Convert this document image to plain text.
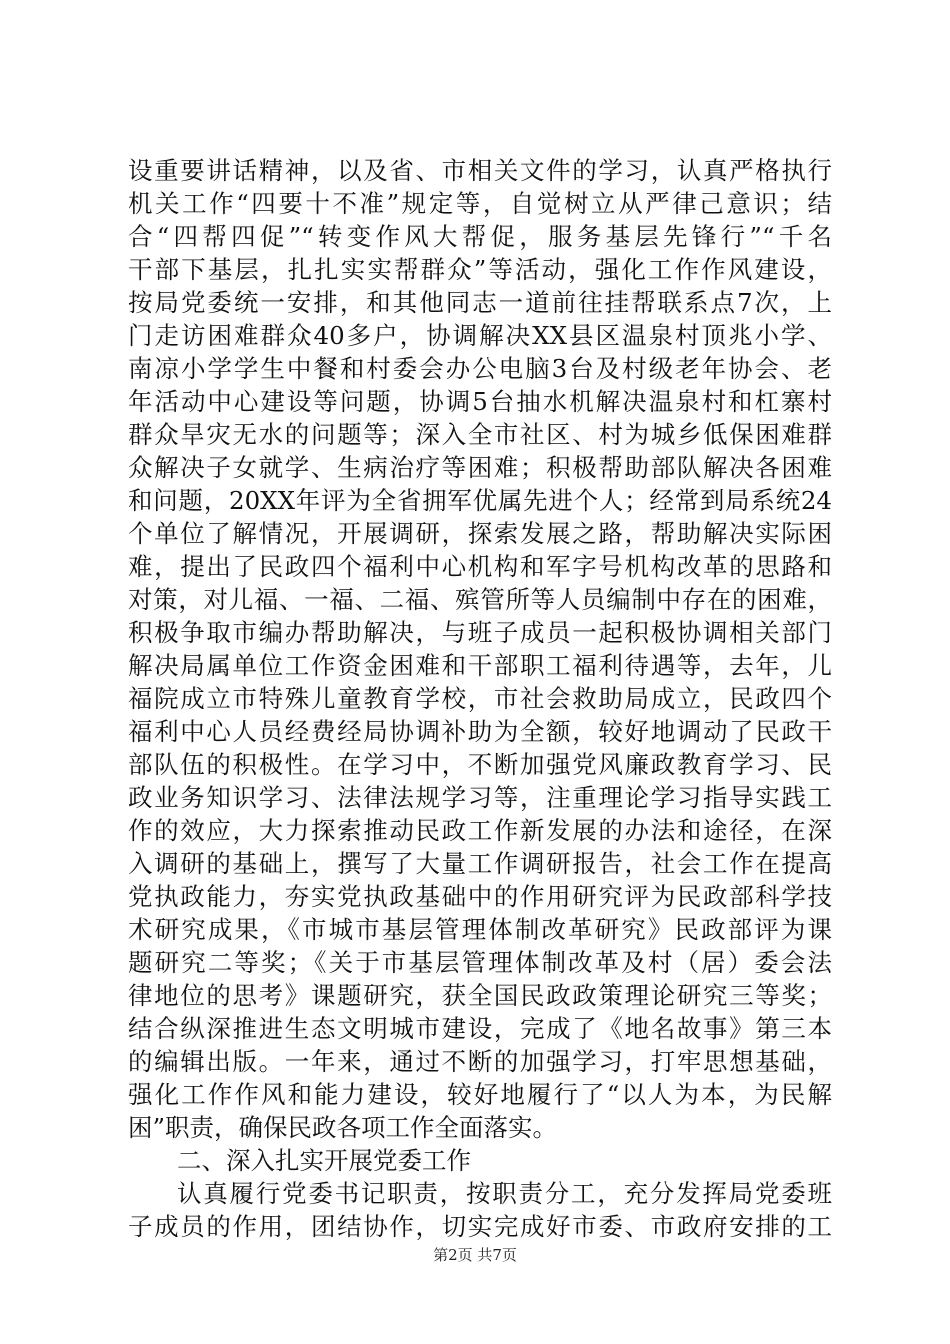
设重要讲话精神，以及省、市相关文件的学习，认真严格执行
机关工作“四要十不准”规定等，自觉树立从严律己意识；结
合“四帮四促”“转变作风大帮促，服务基层先锋行”“千名
干部下基层，扎扎实实帮群众”等活动，强化工作作风建设，
按局党委统一安排，和其他同志一道前往挂帮联系点7次，上
门走访困难群众40多户，协调解决XX县区温泉村顶兆小学、
南凉小学学生中餐和村委会办公电脑3台及村级老年协会、老
年活动中心建设等问题，协调5台抽水机解决温泉村和杠寨村
群众旱灾无水的问题等；深入全市社区、村为城乡低保困难群
众解决子女就学、生病治疗等困难；积极帮助部队解决各困难
和问题，20XX年评为全省拥军优属先进个人；经常到局系统24
个单位了解情况，开展调研，探索发展之路，帮助解决实际困
难，提出了民政四个福利中心机构和军字号机构改革的思路和
对策，对儿福、一福、二福、殡管所等人员编制中存在的困难，
积极争取市编办帮助解决，与班子成员一起积极协调相关部门
解决局属单位工作资金困难和干部职工福利待遇等，去年，儿
福院成立市特殊儿童教育学校，市社会救助局成立，民政四个
福利中心人员经费经局协调补助为全额，较好地调动了民政干
部队伍的积极性。在学习中，不断加强党风廉政教育学习、民
政业务知识学习、法律法规学习等，注重理论学习指导实践工
作的效应，大力探索推动民政工作新发展的办法和途径，在深
入调研的基础上，撰写了大量工作调研报告，社会工作在提高
党执政能力，夯实党执政基础中的作用研究评为民政部科学技
术研究成果，《市城市基层管理体制改革研究》民政部评为课
题研究二等奖；《关于市基层管理体制改革及村（居）委会法
律地位的思考》课题研究，获全国民政政策理论研究三等奖；
结合纵深推进生态文明城市建设，完成了《地名故事》第三本
的编辑出版。一年来，通过不断的加强学习，打牢思想基础，
强化工作作风和能力建设，较好地履行了“以人为本，为民解
困”职责，确保民政各项工作全面落实。
二、深入扎实开展党委工作
认真履行党委书记职责，按职责分工，充分发挥局党委班
子成员的作用，团结协作，切实完成好市委、市政府安排的工
第2页 共7页
